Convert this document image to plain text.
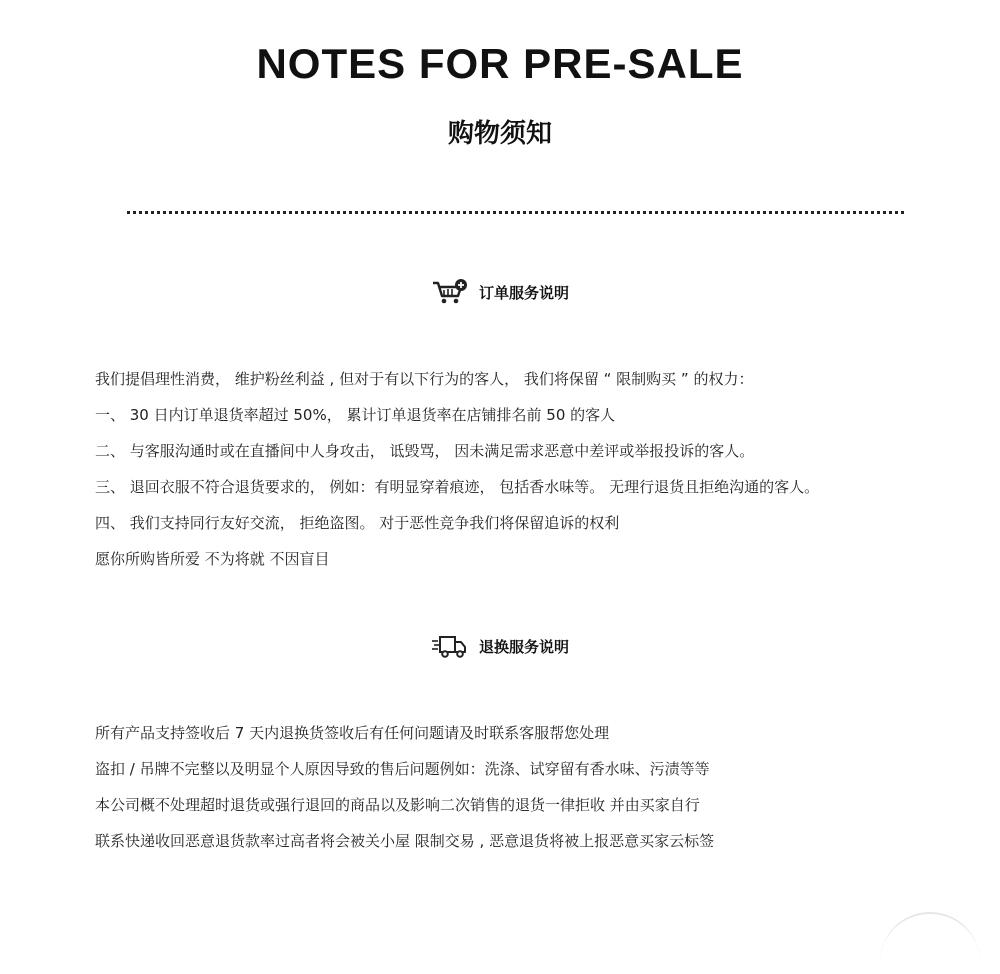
NOTES FOR PRE-SALE
购物须知
订单服务说明
我们提倡理性消费， 维护粉丝利益 , 但对于有以下行为的客人， 我们将保留 “ 限制购买 ” 的权力：
一、 30 日内订单退货率超过 50%， 累计订单退货率在店铺排名前 50 的客人
二、 与客服沟通时或在直播间中人身攻击， 诋毁骂， 因未满足需求恶意中差评或举报投诉的客人。
三、 退回衣服不符合退货要求的， 例如：有明显穿着痕迹， 包括香水味等。 无理行退货且拒绝沟通的客人。
四、 我们支持同行友好交流， 拒绝盗图。 对于恶性竞争我们将保留追诉的权利
愿你所购皆所爱 不为将就 不因盲目
退换服务说明
所有产品支持签收后 7 天内退换货签收后有任何问题请及时联系客服帮您处理
盗扣 / 吊牌不完整以及明显个人原因导致的售后问题例如：洗涤、试穿留有香水味、污渍等等
本公司概不处理超时退货或强行退回的商品以及影响二次销售的退货一律拒收 并由买家自行
联系快递收回恶意退货款率过高者将会被关小屋 限制交易 , 恶意退货将被上报恶意买家云标签
